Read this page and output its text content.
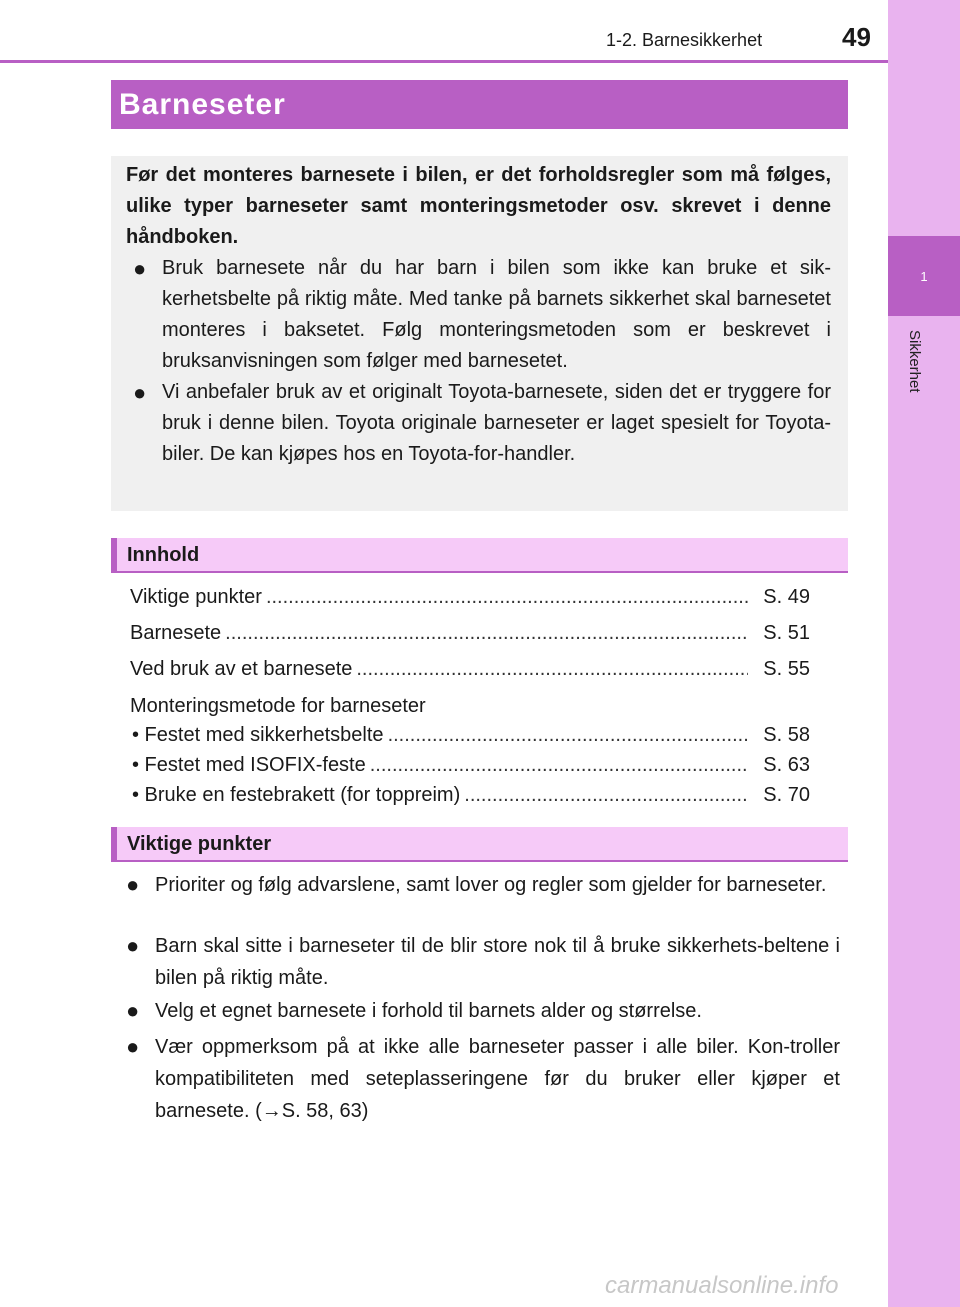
1
Sikkerhet
1-2. Barnesikkerhet	49
Barneseter
Før det monteres barnesete i bilen, er det forholdsregler som må følges, ulike typer barneseter samt monteringsmetoder osv. skrevet i denne håndboken.
● Bruk barnesete når du har barn i bilen som ikke kan bruke et sik-kerhetsbelte på riktig måte. Med tanke på barnets sikkerhet skal barnesetet monteres i baksetet. Følg monteringsmetoden som er beskrevet i bruksanvisningen som følger med barnesetet.
● Vi anbefaler bruk av et originalt Toyota-barnesete, siden det er tryggere for bruk i denne bilen. Toyota originale barneseter er laget spesielt for Toyota-biler. De kan kjøpes hos en Toyota-for-handler.
Innhold
Viktige punkter .....	S. 49
Barnesete .....	S. 51
Ved bruk av et barnesete .....	S. 55
Monteringsmetode for barneseter
• Festet med sikkerhetsbelte .....	S. 58
• Festet med ISOFIX-feste .....	S. 63
• Bruke en festebrakett (for toppreim) .....	S. 70
Viktige punkter
● Prioriter og følg advarslene, samt lover og regler som gjelder for barneseter.
● Barn skal sitte i barneseter til de blir store nok til å bruke sikkerhets-beltene i bilen på riktig måte.
● Velg et egnet barnesete i forhold til barnets alder og størrelse.
● Vær oppmerksom på at ikke alle barneseter passer i alle biler. Kon-troller kompatibiliteten med seteplasseringene før du bruker eller kjøper et barnesete. (→S. 58, 63)
carmanualsonline.info
